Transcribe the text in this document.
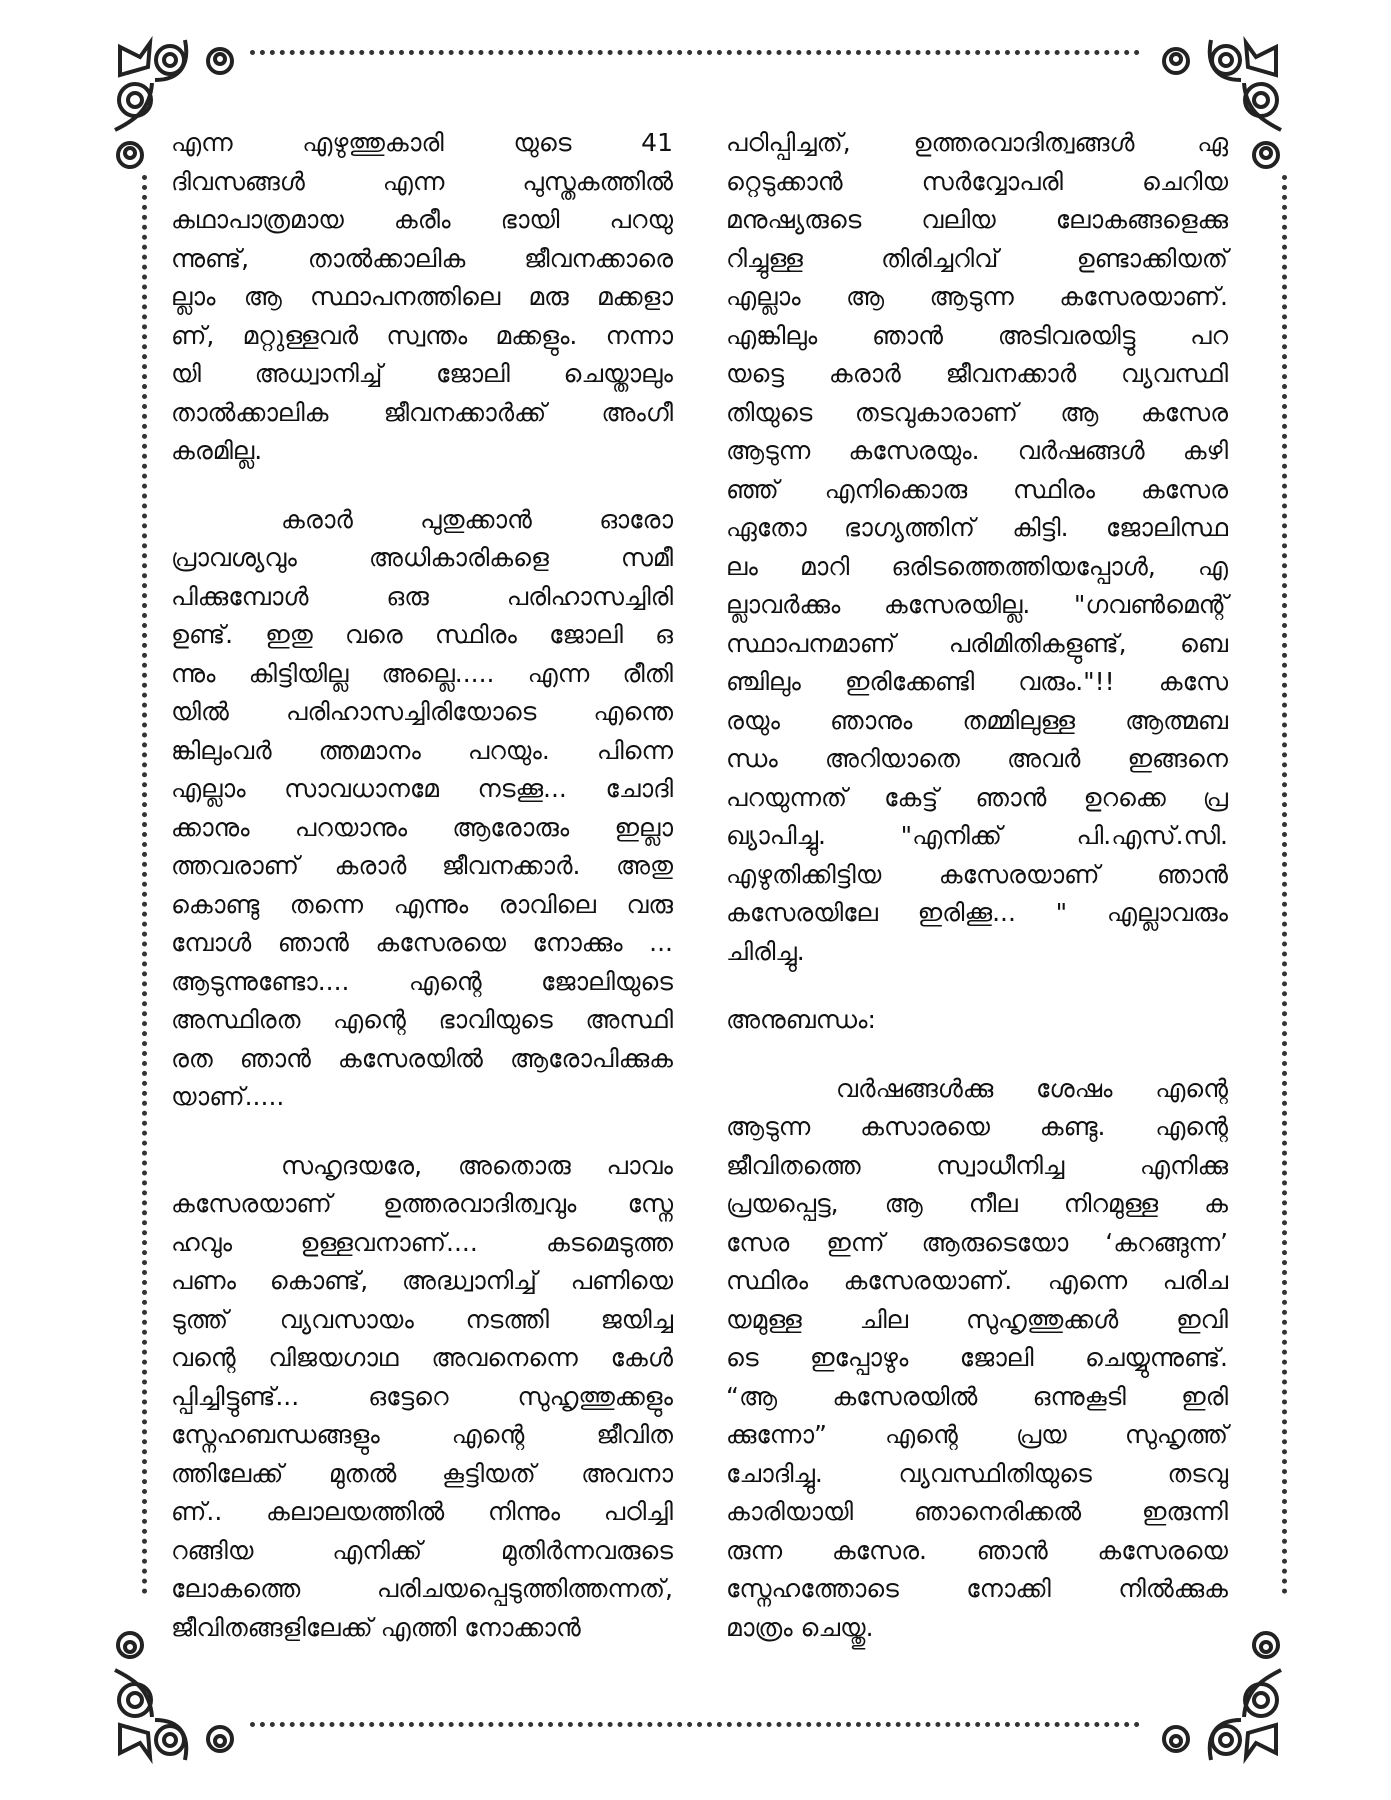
എന്ന എഴുത്തുകാരി യുടെ 41
ദിവസങ്ങൾ എന്ന പുസ്തകത്തിൽ
കഥാപാത്രമായ കരീം ഭായി പറയു
ന്നുണ്ട്, താൽക്കാലിക ജീവനക്കാരെ
ല്ലാം ആ സ്ഥാപനത്തിലെ മരു മക്കളാ
ണ്, മറ്റുള്ളവർ സ്വന്തം മക്കളും. നന്നാ
യി അധ്വാനിച്ച് ജോലി ചെയ്താലും
താൽക്കാലിക ജീവനക്കാർക്ക് അംഗീ
കരമില്ല.
കരാർ പുതുക്കാൻ ഓരോ
പ്രാവശ്യവും അധികാരികളെ സമീ
പിക്കുമ്പോൾ ഒരു പരിഹാസച്ചിരി
ഉണ്ട്. ഇതു വരെ സ്ഥിരം ജോലി ഒ
ന്നും കിട്ടിയില്ല അല്ലെ..... എന്ന രീതി
യിൽ പരിഹാസച്ചിരിയോടെ എന്തെ
ങ്കിലുംവർ ത്തമാനം പറയും. പിന്നെ
എല്ലാം സാവധാനമേ നടക്കൂ... ചോദി
ക്കാനും പറയാനും ആരോരും ഇല്ലാ
ത്തവരാണ് കരാർ ജീവനക്കാർ. അതു
കൊണ്ടു തന്നെ എന്നും രാവിലെ വരു
മ്പോൾ ഞാൻ കസേരയെ നോക്കും ...
ആടുന്നുണ്ടോ.... എന്റെ ജോലിയുടെ
അസ്ഥിരത എന്റെ ഭാവിയുടെ അസ്ഥി
രത ഞാൻ കസേരയിൽ ആരോപിക്കുക
യാണ്.....
സഹൃദയരേ, അതൊരു പാവം
കസേരയാണ് ഉത്തരവാദിത്വവും സ്നേ
ഹവും ഉള്ളവനാണ്.... കടമെടുത്ത
പണം കൊണ്ട്, അദ്ധ്വാനിച്ച് പണിയെ
ടുത്ത് വ്യവസായം നടത്തി ജയിച്ച
വന്റെ വിജയഗാഥ അവനെന്നെ കേൾ
പ്പിച്ചിട്ടുണ്ട്... ഒട്ടേറെ സുഹൃത്തുക്കളും
സ്നേഹബന്ധങ്ങളും എന്റെ ജീവിത
ത്തിലേക്ക് മുതൽ കൂട്ടിയത് അവനാ
ണ്.. കലാലയത്തിൽ നിന്നും പഠിച്ചി
റങ്ങിയ എനിക്ക് മുതിർന്നവരുടെ
ലോകത്തെ പരിചയപ്പെടുത്തിത്തന്നത്,
ജീവിതങ്ങളിലേക്ക് എത്തി നോക്കാൻ
പഠിപ്പിച്ചത്, ഉത്തരവാദിത്വങ്ങൾ ഏ
റ്റെടുക്കാൻ സർവ്വോപരി ചെറിയ
മനുഷ്യരുടെ വലിയ ലോകങ്ങളെക്കു
റിച്ചുള്ള തിരിച്ചറിവ് ഉണ്ടാക്കിയത്
എല്ലാം ആ ആടുന്ന കസേരയാണ്.
എങ്കിലും ഞാൻ അടിവരയിട്ടു പറ
യട്ടെ കരാർ ജീവനക്കാർ വ്യവസ്ഥി
തിയുടെ തടവുകാരാണ് ആ കസേര
ആടുന്ന കസേരയും. വർഷങ്ങൾ കഴി
ഞ്ഞ് എനിക്കൊരു സ്ഥിരം കസേര
ഏതോ ഭാഗ്യത്തിന് കിട്ടി. ജോലിസ്ഥ
ലം മാറി ഒരിടത്തെത്തിയപ്പോൾ, എ
ല്ലാവർക്കും കസേരയില്ല. "ഗവൺമെന്റ്
സ്ഥാപനമാണ് പരിമിതികളുണ്ട്, ബെ
ഞ്ചിലും ഇരിക്കേണ്ടി വരും."!! കസേ
രയും ഞാനും തമ്മിലുള്ള ആത്മബ
ന്ധം അറിയാതെ അവർ ഇങ്ങനെ
പറയുന്നത് കേട്ട് ഞാൻ ഉറക്കെ പ്ര
ഖ്യാപിച്ചു. "എനിക്ക് പി.എസ്.സി.
എഴുതിക്കിട്ടിയ കസേരയാണ് ഞാൻ
കസേരയിലേ ഇരിക്കൂ... " എല്ലാവരും
ചിരിച്ചു.
അനുബന്ധം:
വർഷങ്ങൾക്കു ശേഷം എന്റെ
ആടുന്ന കസാരയെ കണ്ടു. എന്റെ
ജീവിതത്തെ സ്വാധീനിച്ച എനിക്കു
പ്രയപ്പെട്ട, ആ നീല നിറമുള്ള ക
സേര ഇന്ന് ആരുടെയോ ‘കറങ്ങുന്ന’
സ്ഥിരം കസേരയാണ്. എന്നെ പരിച
യമുള്ള ചില സുഹൃത്തുക്കൾ ഇവി
ടെ ഇപ്പോഴും ജോലി ചെയ്യുന്നുണ്ട്.
“ആ കസേരയിൽ ഒന്നുകൂടി ഇരി
ക്കുന്നോ” എന്റെ പ്രയ സുഹൃത്ത്
ചോദിച്ചു. വ്യവസ്ഥിതിയുടെ തടവു
കാരിയായി ഞാനെരിക്കൽ ഇരുന്നി
രുന്ന കസേര. ഞാൻ കസേരയെ
സ്നേഹത്തോടെ നോക്കി നിൽക്കുക
മാത്രം ചെയ്തു.
